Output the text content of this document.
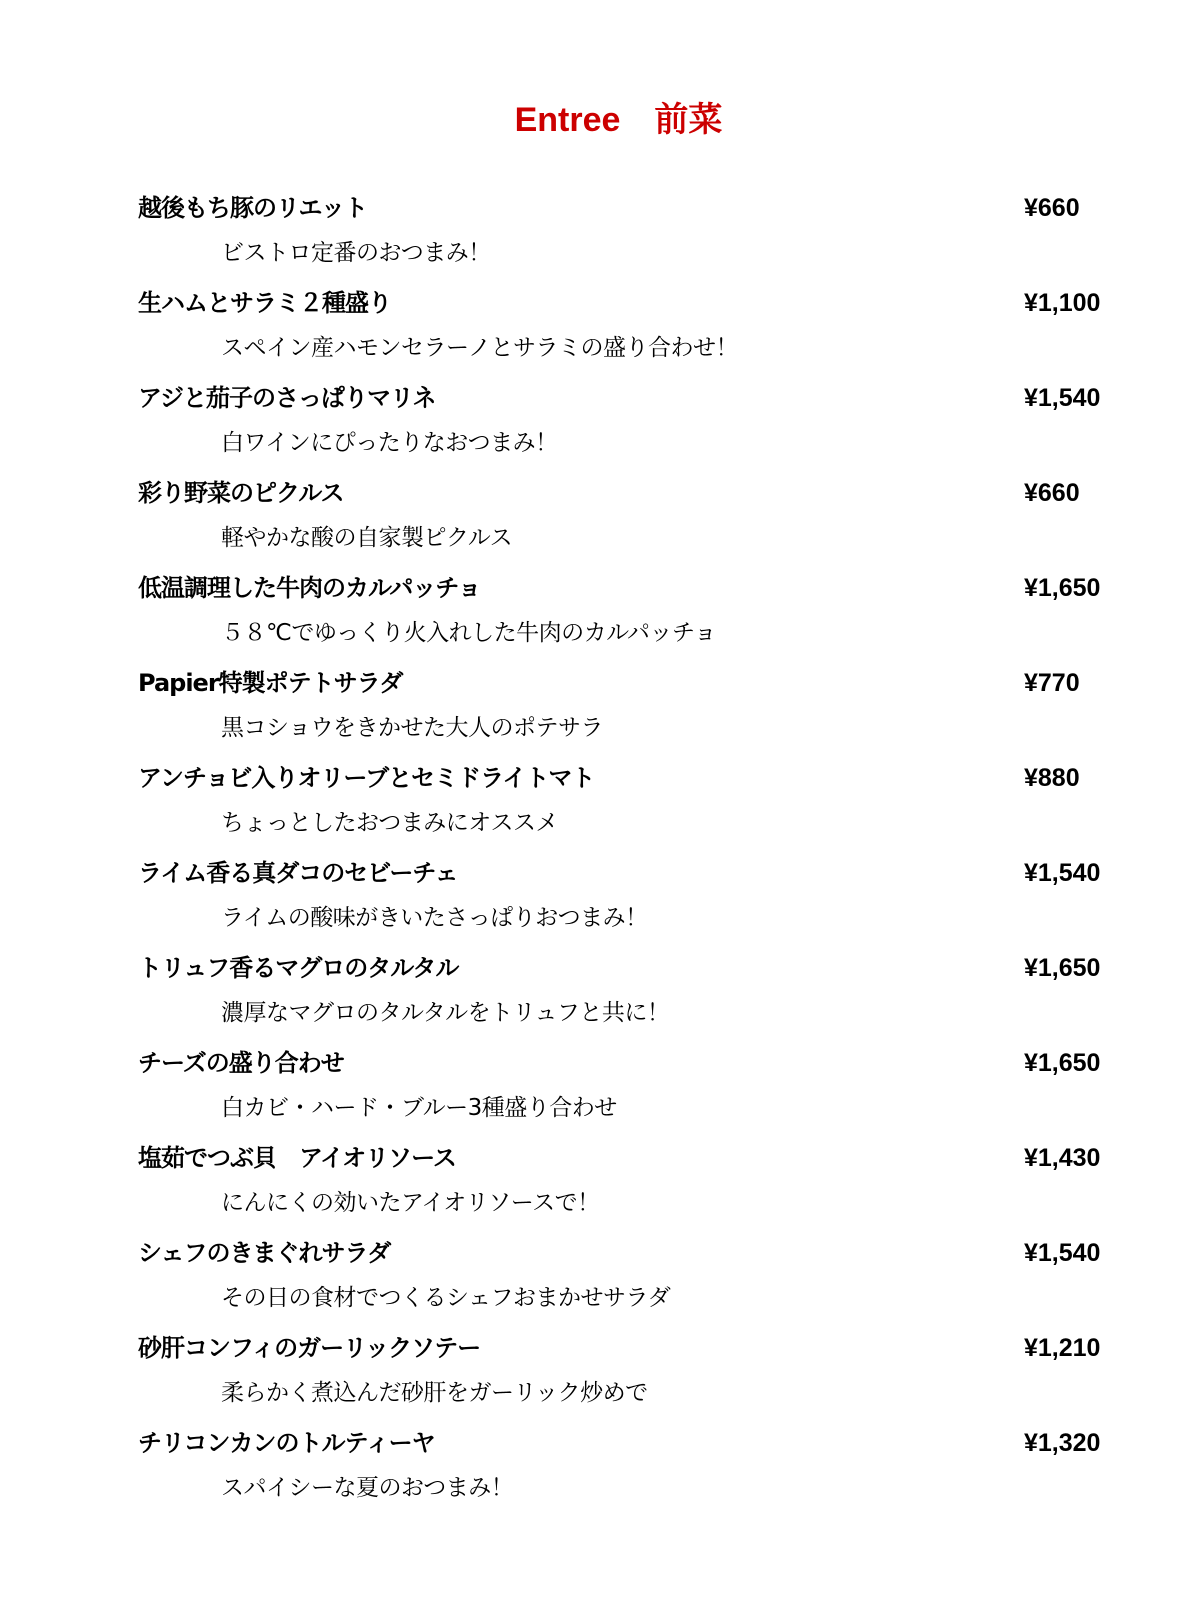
Entree　前菜
越後もち豚のリエット	¥660
ビストロ定番のおつまみ！
生ハムとサラミ２種盛り	¥1,100
スペイン産ハモンセラーノとサラミの盛り合わせ！
アジと茄子のさっぱりマリネ	¥1,540
白ワインにぴったりなおつまみ！
彩り野菜のピクルス	¥660
軽やかな酸の自家製ピクルス
低温調理した牛肉のカルパッチョ	¥1,650
５８℃でゆっくり火入れした牛肉のカルパッチョ
Papier特製ポテトサラダ	¥770
黒コショウをきかせた大人のポテサラ
アンチョビ入りオリーブとセミドライトマト	¥880
ちょっとしたおつまみにオススメ
ライム香る真ダコのセビーチェ	¥1,540
ライムの酸味がきいたさっぱりおつまみ！
トリュフ香るマグロのタルタル	¥1,650
濃厚なマグロのタルタルをトリュフと共に！
チーズの盛り合わせ	¥1,650
白カビ・ハード・ブルー3種盛り合わせ
塩茹でつぶ貝　アイオリソース	¥1,430
にんにくの効いたアイオリソースで！
シェフのきまぐれサラダ	¥1,540
その日の食材でつくるシェフおまかせサラダ
砂肝コンフィのガーリックソテー	¥1,210
柔らかく煮込んだ砂肝をガーリック炒めで
チリコンカンのトルティーヤ	¥1,320
スパイシーな夏のおつまみ！
